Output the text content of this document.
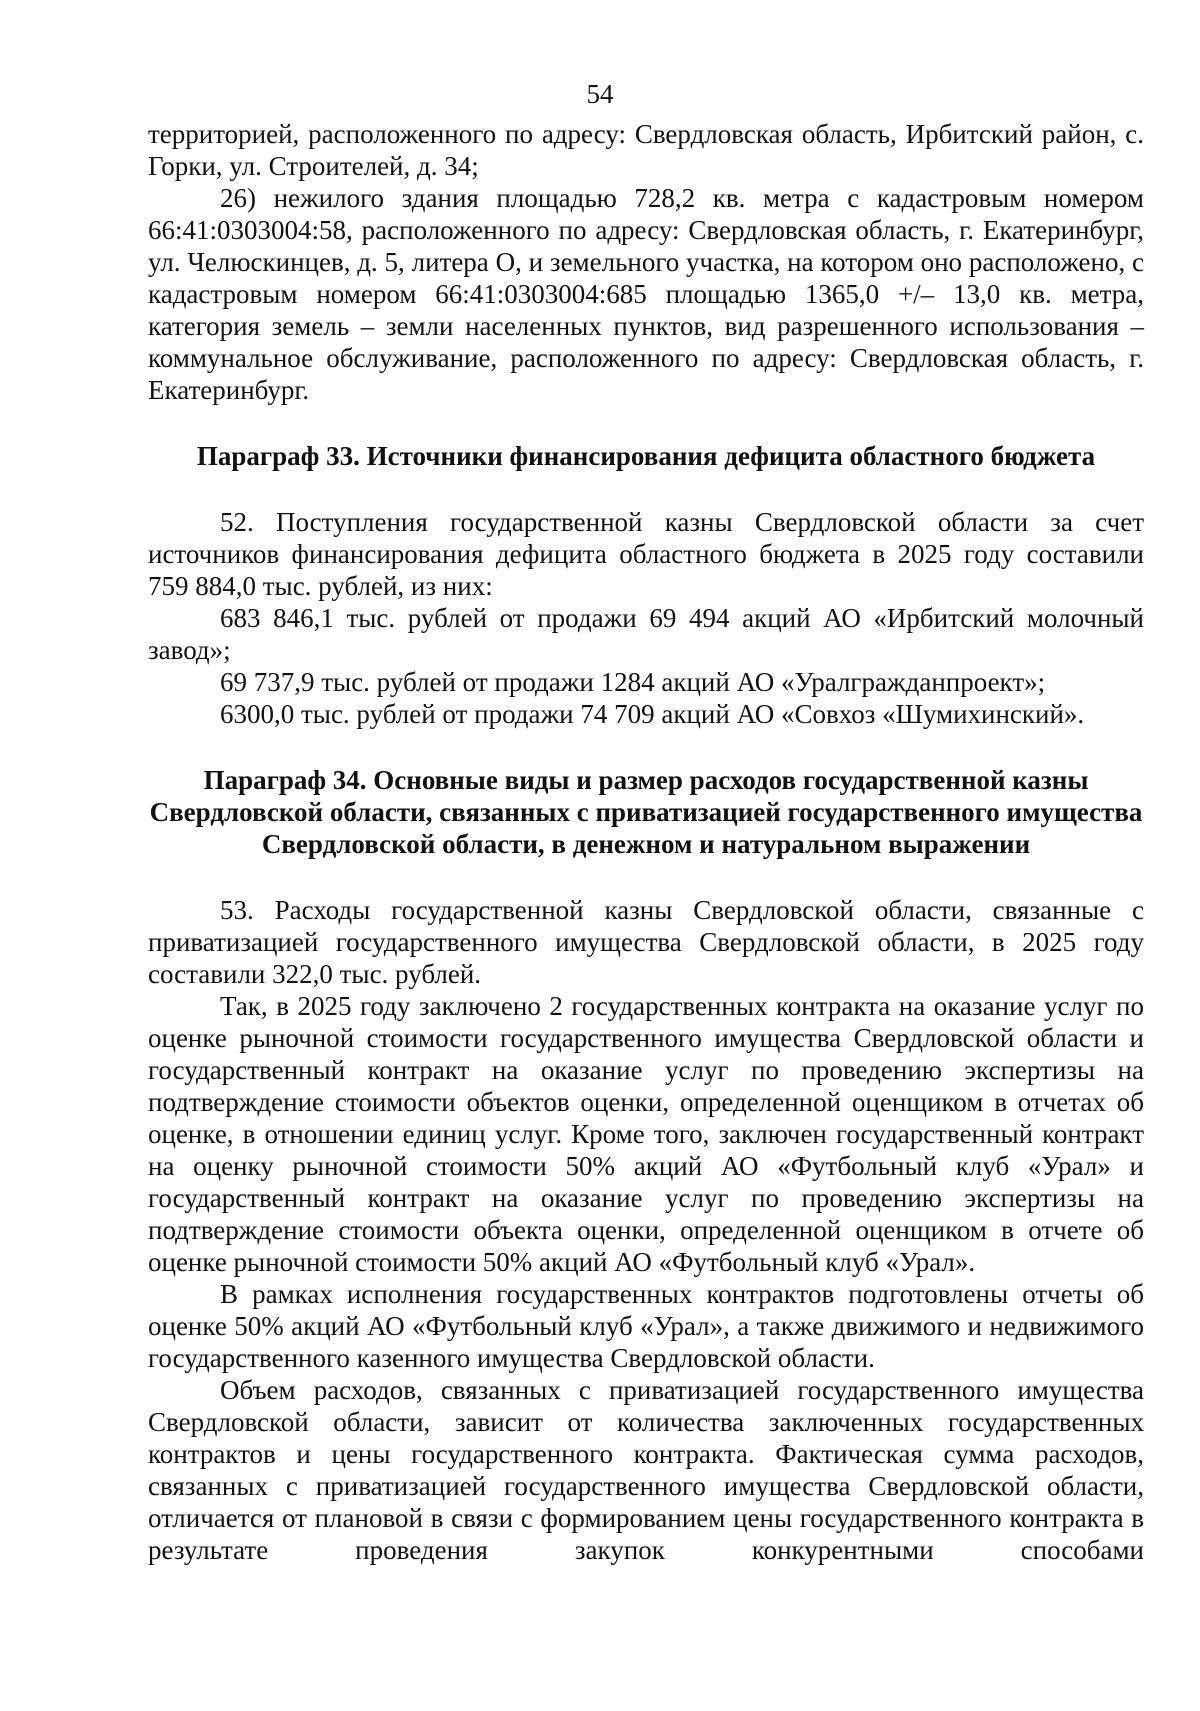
54

территорией, расположенного по адресу: Свердловская область, Ирбитский район, с. Горки, ул. Строителей, д. 34;

26) нежилого здания площадью 728,2 кв. метра с кадастровым номером 66:41:0303004:58, расположенного по адресу: Свердловская область, г. Екатеринбург, ул. Челюскинцев, д. 5, литера О, и земельного участка, на котором оно расположено, с кадастровым номером 66:41:0303004:685 площадью 1365,0 +/– 13,0 кв. метра, категория земель – земли населенных пунктов, вид разрешенного использования – коммунальное обслуживание, расположенного по адресу: Свердловская область, г. Екатеринбург.

Параграф 33. Источники финансирования дефицита областного бюджета

52. Поступления государственной казны Свердловской области за счет источников финансирования дефицита областного бюджета в 2025 году составили 759 884,0 тыс. рублей, из них:

683 846,1 тыс. рублей от продажи 69 494 акций АО «Ирбитский молочный завод»;

69 737,9 тыс. рублей от продажи 1284 акций АО «Уралгражданпроект»;

6300,0 тыс. рублей от продажи 74 709 акций АО «Совхоз «Шумихинский».

Параграф 34. Основные виды и размер расходов государственной казны Свердловской области, связанных с приватизацией государственного имущества Свердловской области, в денежном и натуральном выражении

53. Расходы государственной казны Свердловской области, связанные с приватизацией государственного имущества Свердловской области, в 2025 году составили 322,0 тыс. рублей.

Так, в 2025 году заключено 2 государственных контракта на оказание услуг по оценке рыночной стоимости государственного имущества Свердловской области и государственный контракт на оказание услуг по проведению экспертизы на подтверждение стоимости объектов оценки, определенной оценщиком в отчетах об оценке, в отношении единиц услуг. Кроме того, заключен государственный контракт на оценку рыночной стоимости 50% акций АО «Футбольный клуб «Урал» и государственный контракт на оказание услуг по проведению экспертизы на подтверждение стоимости объекта оценки, определенной оценщиком в отчете об оценке рыночной стоимости 50% акций АО «Футбольный клуб «Урал».

В рамках исполнения государственных контрактов подготовлены отчеты об оценке 50% акций АО «Футбольный клуб «Урал», а также движимого и недвижимого государственного казенного имущества Свердловской области.

Объем расходов, связанных с приватизацией государственного имущества Свердловской области, зависит от количества заключенных государственных контрактов и цены государственного контракта. Фактическая сумма расходов, связанных с приватизацией государственного имущества Свердловской области, отличается от плановой в связи с формированием цены государственного контракта в результате проведения закупок конкурентными способами
